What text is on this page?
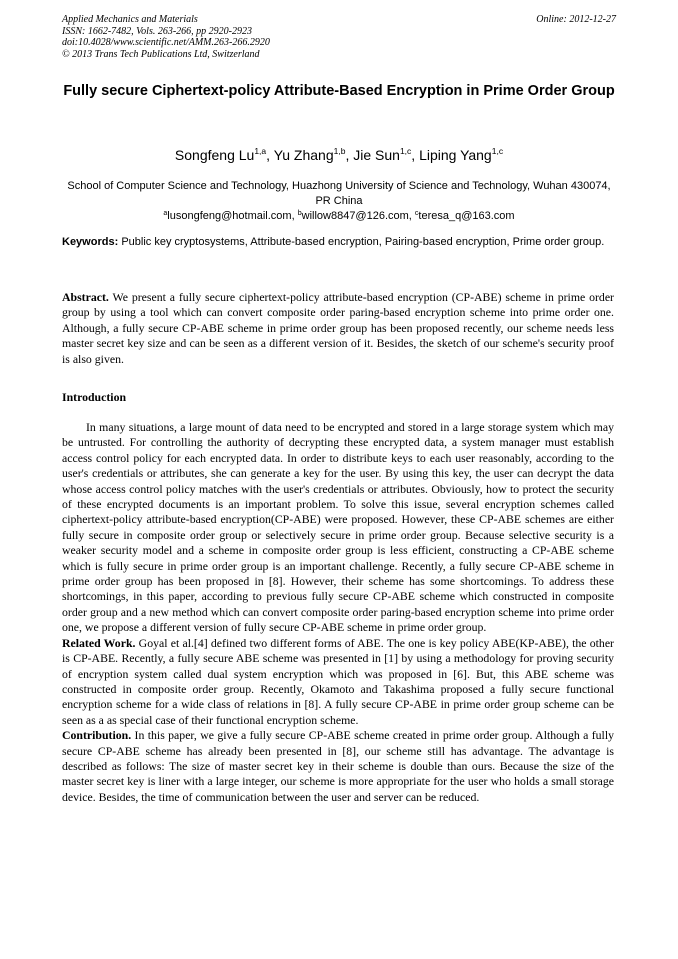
Applied Mechanics and Materials
ISSN: 1662-7482, Vols. 263-266, pp 2920-2923
doi:10.4028/www.scientific.net/AMM.263-266.2920
© 2013 Trans Tech Publications Ltd, Switzerland
Online: 2012-12-27
Fully secure Ciphertext-policy Attribute-Based Encryption in Prime Order Group
Songfeng Lu$^{1,a}$, Yu Zhang$^{1,b}$, Jie Sun$^{1,c}$, Liping Yang$^{1,c}$
School of Computer Science and Technology, Huazhong University of Science and Technology, Wuhan 430074, PR China
$^a$lusongfeng@hotmail.com, $^b$willow8847@126.com, $^c$teresa_q@163.com
Keywords: Public key cryptosystems, Attribute-based encryption, Pairing-based encryption, Prime order group.

Abstract. We present a fully secure ciphertext-policy attribute-based encryption (CP-ABE) scheme in prime order group by using a tool which can convert composite order paring-based encryption scheme into prime order one. Although, a fully secure CP-ABE scheme in prime order group has been proposed recently, our scheme needs less master secret key size and can be seen as a different version of it. Besides, the sketch of our scheme's security proof is also given.

Introduction

In many situations, a large mount of data need to be encrypted and stored in a large storage system which may be untrusted. For controlling the authority of decrypting these encrypted data, a system manager must establish access control policy for each encrypted data. In order to distribute keys to each user reasonably, according to the user's credentials or attributes, she can generate a key for the user. By using this key, the user can decrypt the data whose access control policy matches with the user's credentials or attributes. Obviously, how to protect the security of these encrypted documents is an important problem. To solve this issue, several encryption schemes called ciphertext-policy attribute-based encryption(CP-ABE) were proposed. However, these CP-ABE schemes are either fully secure in composite order group or selectively secure in prime order group. Because selective security is a weaker security model and a scheme in composite order group is less efficient, constructing a CP-ABE scheme which is fully secure in prime order group is an important challenge. Recently, a fully secure CP-ABE scheme in prime order group has been proposed in [8]. However, their scheme has some shortcomings. To address these shortcomings, in this paper, according to previous fully secure CP-ABE scheme which constructed in composite order group and a new method which can convert composite order paring-based encryption scheme into prime order one, we propose a different version of fully secure CP-ABE scheme in prime order group.

Related Work. Goyal et al.[4] defined two different forms of ABE. The one is key policy ABE(KP-ABE), the other is CP-ABE. Recently, a fully secure ABE scheme was presented in [1] by using a methodology for proving security of encryption system called dual system encryption which was proposed in [6]. But, this ABE scheme was constructed in composite order group. Recently, Okamoto and Takashima proposed a fully secure functional encryption scheme for a wide class of relations in [8]. A fully secure CP-ABE in prime order group scheme can be seen as a as special case of their functional encryption scheme.

Contribution. In this paper, we give a fully secure CP-ABE scheme created in prime order group. Although a fully secure CP-ABE scheme has already been presented in [8], our scheme still has advantage. The advantage is described as follows: The size of master secret key in their scheme is double than ours. Because the size of the master secret key is liner with a large integer, our scheme is more appropriate for the user who holds a small storage device. Besides, the time of communication between the user and server can be reduced.
